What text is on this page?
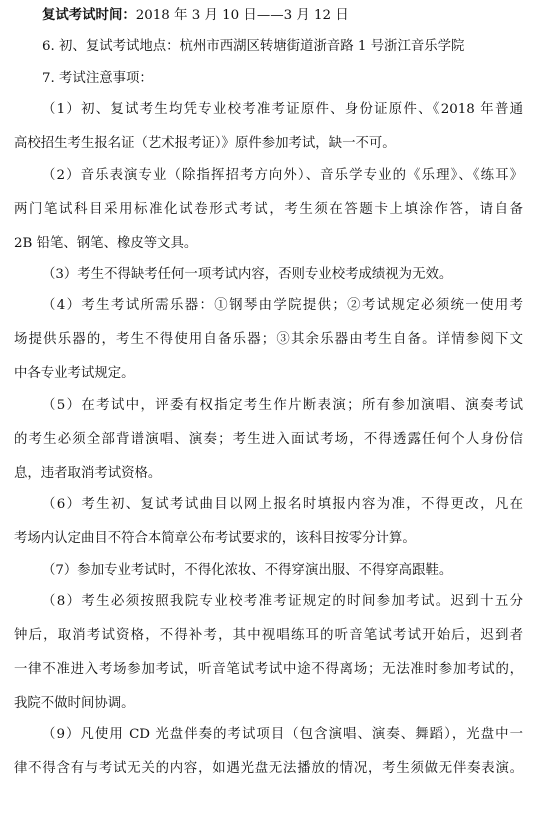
复试考试时间：2018 年 3 月 10 日——3 月 12 日
6. 初、复试考试地点：杭州市西湖区转塘街道浙音路 1 号浙江音乐学院
7. 考试注意事项：
（1）初、复试考生均凭专业校考准考证原件、身份证原件、《2018 年普通
高校招生考生报名证（艺术报考证）》原件参加考试，缺一不可。
（2）音乐表演专业（除指挥招考方向外）、音乐学专业的《乐理》、《练耳》
两门笔试科目采用标准化试卷形式考试，考生须在答题卡上填涂作答，请自备
2B 铅笔、钢笔、橡皮等文具。
（3）考生不得缺考任何一项考试内容，否则专业校考成绩视为无效。
（4）考生考试所需乐器：①钢琴由学院提供；②考试规定必须统一使用考
场提供乐器的，考生不得使用自备乐器；③其余乐器由考生自备。详情参阅下文
中各专业考试规定。
（5）在考试中，评委有权指定考生作片断表演；所有参加演唱、演奏考试
的考生必须全部背谱演唱、演奏；考生进入面试考场，不得透露任何个人身份信
息，违者取消考试资格。
（6）考生初、复试考试曲目以网上报名时填报内容为准，不得更改，凡在
考场内认定曲目不符合本简章公布考试要求的，该科目按零分计算。
（7）参加专业考试时，不得化浓妆、不得穿演出服、不得穿高跟鞋。
（8）考生必须按照我院专业校考准考证规定的时间参加考试。迟到十五分
钟后，取消考试资格，不得补考，其中视唱练耳的听音笔试考试开始后，迟到者
一律不准进入考场参加考试，听音笔试考试中途不得离场；无法准时参加考试的，
我院不做时间协调。
（9）凡使用 CD 光盘伴奏的考试项目（包含演唱、演奏、舞蹈），光盘中一
律不得含有与考试无关的内容，如遇光盘无法播放的情况，考生须做无伴奏表演。
